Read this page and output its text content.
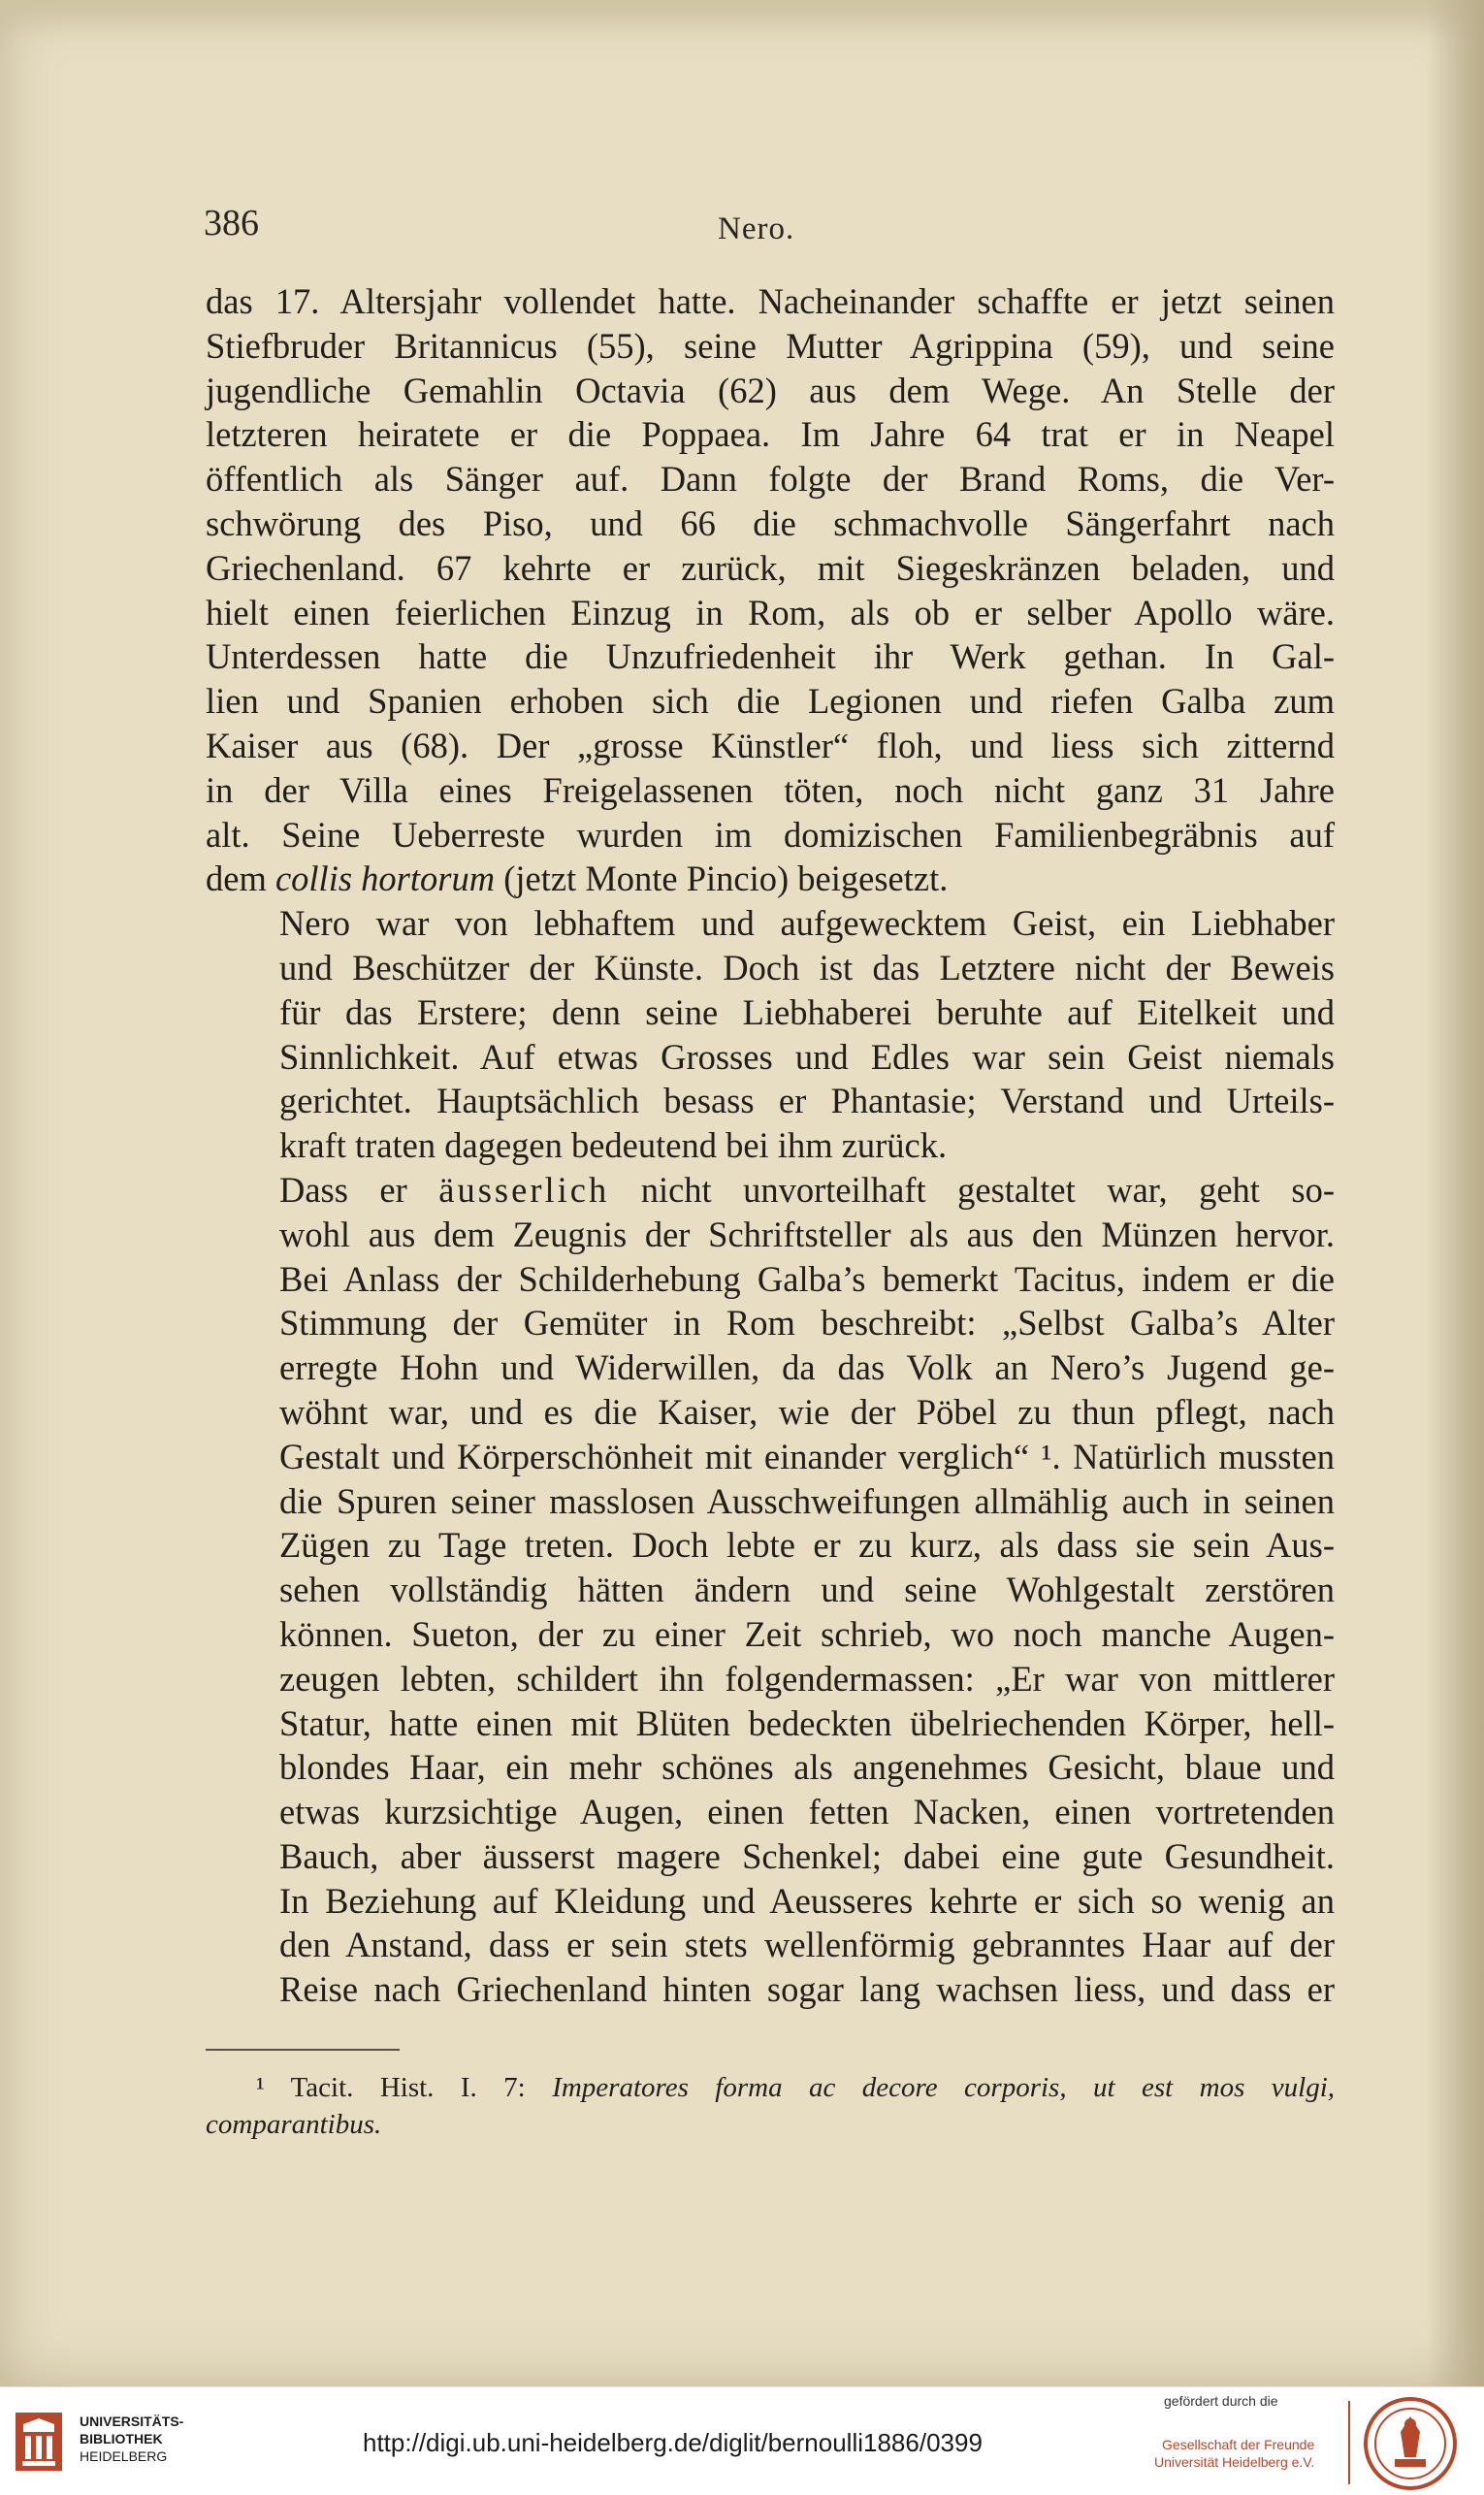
386	Nero.

das 17. Altersjahr vollendet hatte. Nacheinander schaffte er jetzt seinen
Stiefbruder Britannicus (55), seine Mutter Agrippina (59), und seine
jugendliche Gemahlin Octavia (62) aus dem Wege. An Stelle der
letzteren heiratete er die Poppaea. Im Jahre 64 trat er in Neapel
öffentlich als Sänger auf. Dann folgte der Brand Roms, die Ver-
schwörung des Piso, und 66 die schmachvolle Sängerfahrt nach
Griechenland. 67 kehrte er zurück, mit Siegeskränzen beladen, und
hielt einen feierlichen Einzug in Rom, als ob er selber Apollo wäre.
Unterdessen hatte die Unzufriedenheit ihr Werk gethan. In Gal-
lien und Spanien erhoben sich die Legionen und riefen Galba zum
Kaiser aus (68). Der „grosse Künstler“ floh, und liess sich zitternd
in der Villa eines Freigelassenen töten, noch nicht ganz 31 Jahre
alt. Seine Ueberreste wurden im domizischen Familienbegräbnis auf
dem collis hortorum (jetzt Monte Pincio) beigesetzt.

Nero war von lebhaftem und aufgewecktem Geist, ein Liebhaber
und Beschützer der Künste. Doch ist das Letztere nicht der Beweis
für das Erstere; denn seine Liebhaberei beruhte auf Eitelkeit und
Sinnlichkeit. Auf etwas Grosses und Edles war sein Geist niemals
gerichtet. Hauptsächlich besass er Phantasie; Verstand und Urteils-
kraft traten dagegen bedeutend bei ihm zurück.

Dass er äusserlich nicht unvorteilhaft gestaltet war, geht so-
wohl aus dem Zeugnis der Schriftsteller als aus den Münzen hervor.
Bei Anlass der Schilderhebung Galba’s bemerkt Tacitus, indem er die
Stimmung der Gemüter in Rom beschreibt: „Selbst Galba’s Alter
erregte Hohn und Widerwillen, da das Volk an Nero’s Jugend ge-
wöhnt war, und es die Kaiser, wie der Pöbel zu thun pflegt, nach
Gestalt und Körperschönheit mit einander verglich“ ¹. Natürlich mussten
die Spuren seiner masslosen Ausschweifungen allmählig auch in seinen
Zügen zu Tage treten. Doch lebte er zu kurz, als dass sie sein Aus-
sehen vollständig hätten ändern und seine Wohlgestalt zerstören
können. Sueton, der zu einer Zeit schrieb, wo noch manche Augen-
zeugen lebten, schildert ihn folgendermassen: „Er war von mittlerer
Statur, hatte einen mit Blüten bedeckten übelriechenden Körper, hell-
blondes Haar, ein mehr schönes als angenehmes Gesicht, blaue und
etwas kurzsichtige Augen, einen fetten Nacken, einen vortretenden
Bauch, aber äusserst magere Schenkel; dabei eine gute Gesundheit.
In Beziehung auf Kleidung und Aeusseres kehrte er sich so wenig an
den Anstand, dass er sein stets wellenförmig gebranntes Haar auf der
Reise nach Griechenland hinten sogar lang wachsen liess, und dass er

¹ Tacit. Hist. I. 7: Imperatores forma ac decore corporis, ut est mos vulgi,
comparantibus.
UNIVERSITÄTS-
BIBLIOTHEK
HEIDELBERG	http://digi.ub.uni-heidelberg.de/diglit/bernoulli1886/0399
gefördert durch die
Gesellschaft der Freunde
Universität Heidelberg e.V.
